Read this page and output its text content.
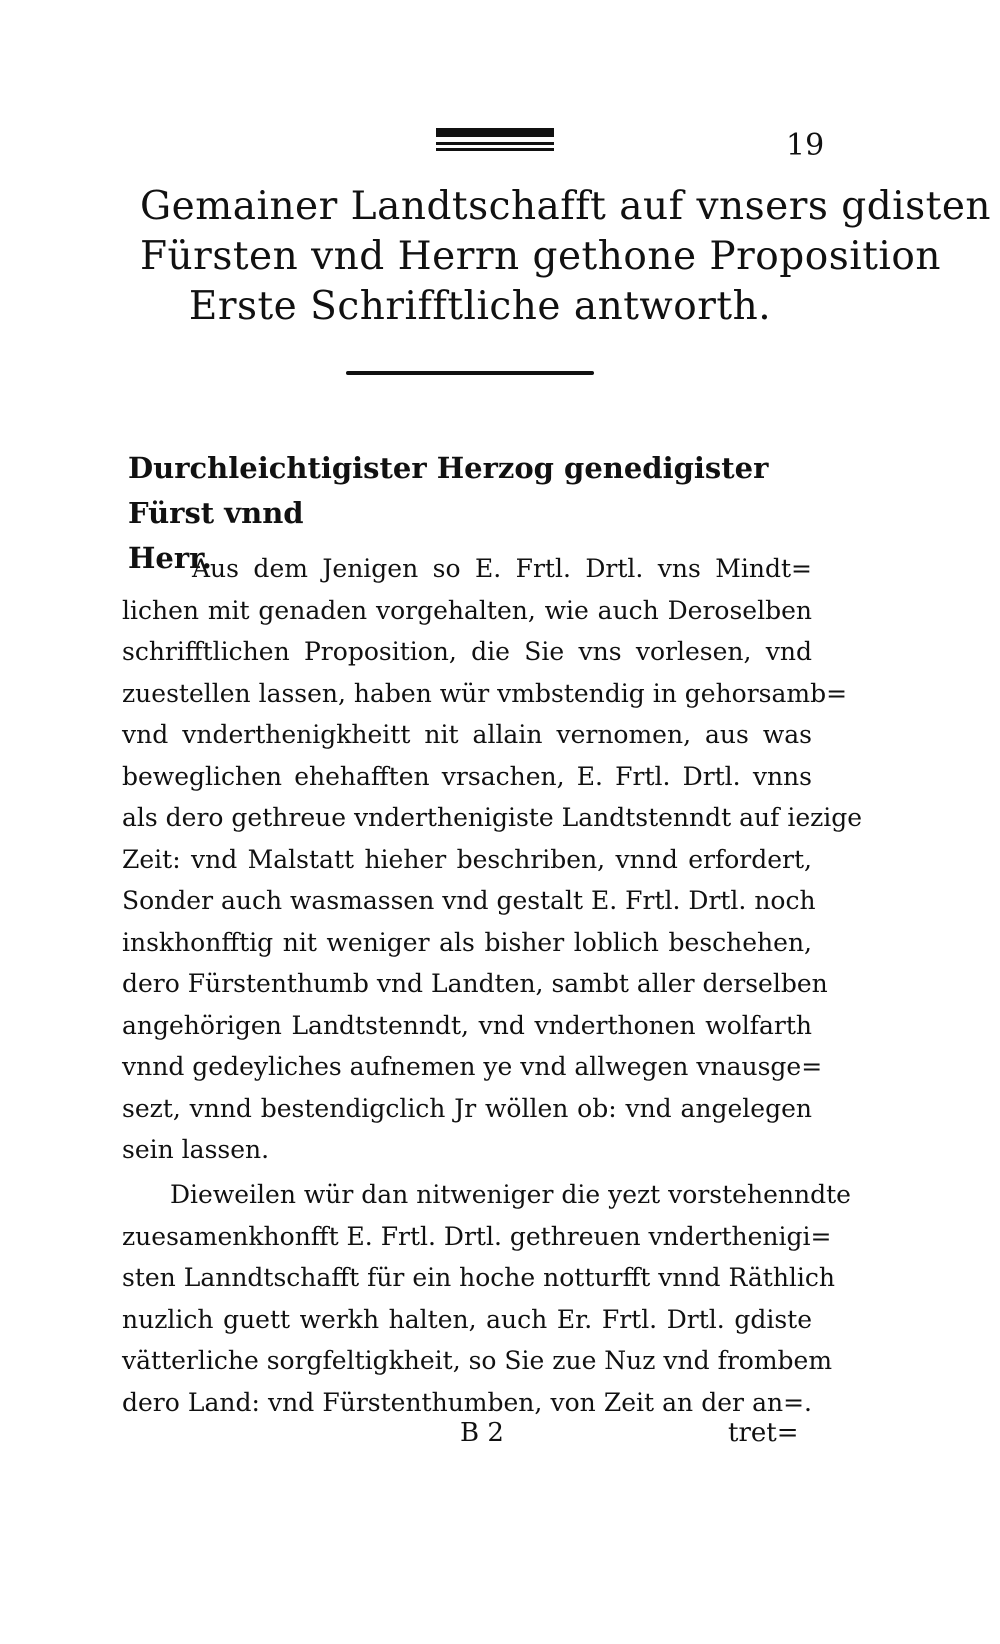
19
Gemainer Landtschafft auf vnsers gdisten
Fürsten vnd Herrn gethone Proposition
Erste Schrifftliche antworth.
Durchleichtigister Herzog genedigister Fürst vnnd
Herr.
Aus dem Jenigen so E. Frtl. Drtl. vns Mindt=
lichen mit genaden vorgehalten, wie auch Deroselben
schrifftlichen Proposition, die Sie vns vorlesen, vnd
zuestellen lassen, haben wür vmbstendig in gehorsamb=
vnd vnderthenigkheitt nit allain vernomen, aus was
beweglichen ehehafften vrsachen, E. Frtl. Drtl. vnns
als dero gethreue vnderthenigiste Landtstenndt auf iezige
Zeit: vnd Malstatt hieher beschriben, vnnd erfordert,
Sonder auch wasmassen vnd gestalt E. Frtl. Drtl. noch
inskhonfftig nit weniger als bisher loblich beschehen,
dero Fürstenthumb vnd Landten, sambt aller derselben
angehörigen Landtstenndt, vnd vnderthonen wolfarth
vnnd gedeyliches aufnemen ye vnd allwegen vnausge=
sezt, vnnd bestendigclich Jr wöllen ob: vnd angelegen
sein lassen.
Dieweilen wür dan nitweniger die yezt vorstehenndte
zuesamenkhonfft E. Frtl. Drtl. gethreuen vnderthenigi=
sten Lanndtschafft für ein hoche notturfft vnnd Räthlich
nuzlich guett werkh halten, auch Er. Frtl. Drtl. gdiste
vätterliche sorgfeltigkheit, so Sie zue Nuz vnd frombem
dero Land: vnd Fürstenthumben, von Zeit an der an=.
B 2	tret=
